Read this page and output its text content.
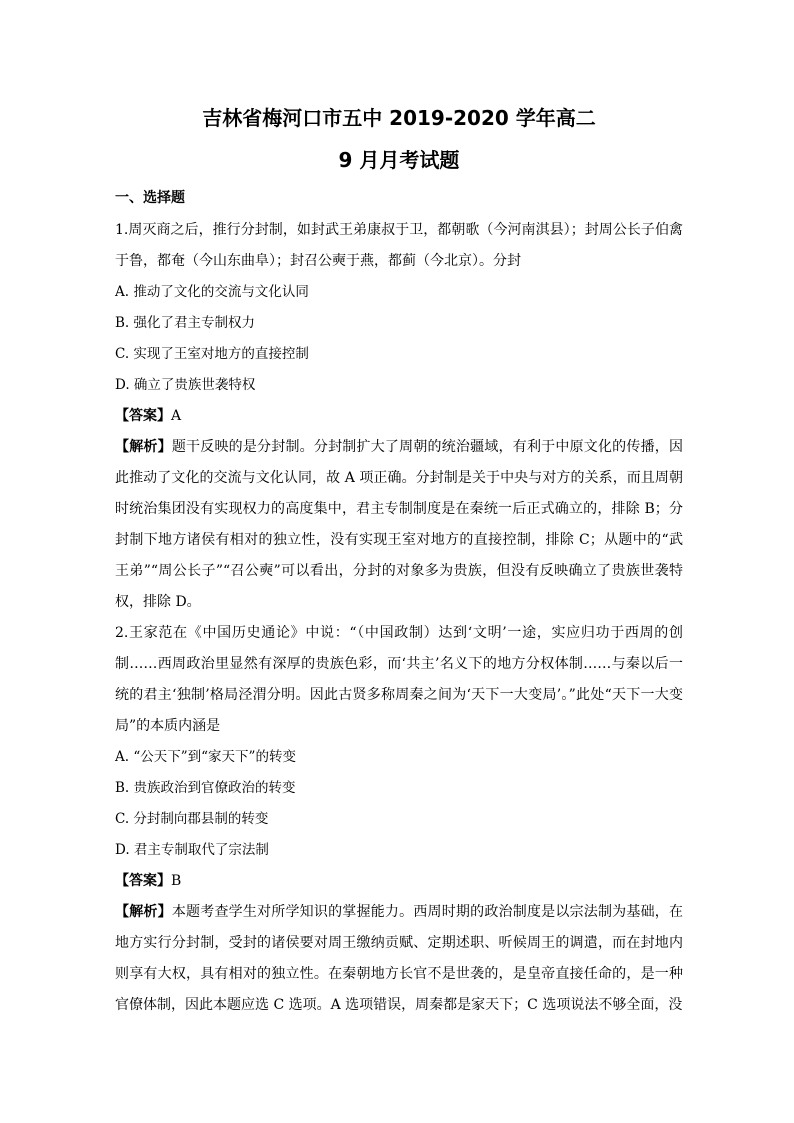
吉林省梅河口市五中 2019-2020 学年高二
9 月月考试题
一、选择题

1.周灭商之后，推行分封制，如封武王弟康叔于卫，都朝歌（今河南淇县）；封周公长子伯禽于鲁，都奄（今山东曲阜）；封召公奭于燕，都蓟（今北京）。分封

A. 推动了文化的交流与文化认同

B. 强化了君主专制权力

C. 实现了王室对地方的直接控制

D. 确立了贵族世袭特权

【答案】A

【解析】题干反映的是分封制。分封制扩大了周朝的统治疆域，有利于中原文化的传播，因此推动了文化的交流与文化认同，故 A 项正确。分封制是关于中央与对方的关系，而且周朝时统治集团没有实现权力的高度集中，君主专制制度是在秦统一后正式确立的，排除 B；分封制下地方诸侯有相对的独立性，没有实现王室对地方的直接控制，排除 C；从题中的“武王弟”“周公长子”“召公奭”可以看出，分封的对象多为贵族，但没有反映确立了贵族世袭特权，排除 D。

2.王家范在《中国历史通论》中说：“（中国政制）达到‘文明’一途，实应归功于西周的创制……西周政治里显然有深厚的贵族色彩，而‘共主’名义下的地方分权体制……与秦以后一统的君主‘独制’格局泾渭分明。因此古贤多称周秦之间为‘天下一大变局’。”此处“天下一大变局”的本质内涵是

A. “公天下”到“家天下”的转变

B. 贵族政治到官僚政治的转变

C. 分封制向郡县制的转变

D. 君主专制取代了宗法制

【答案】B

【解析】本题考查学生对所学知识的掌握能力。西周时期的政治制度是以宗法制为基础，在地方实行分封制，受封的诸侯要对周王缴纳贡赋、定期述职、听候周王的调遣，而在封地内则享有大权，具有相对的独立性。在秦朝地方长官不是世袭的，是皇帝直接任命的，是一种官僚体制，因此本题应选 C 选项。A 选项错误，周秦都是家天下；C 选项说法不够全面，没
